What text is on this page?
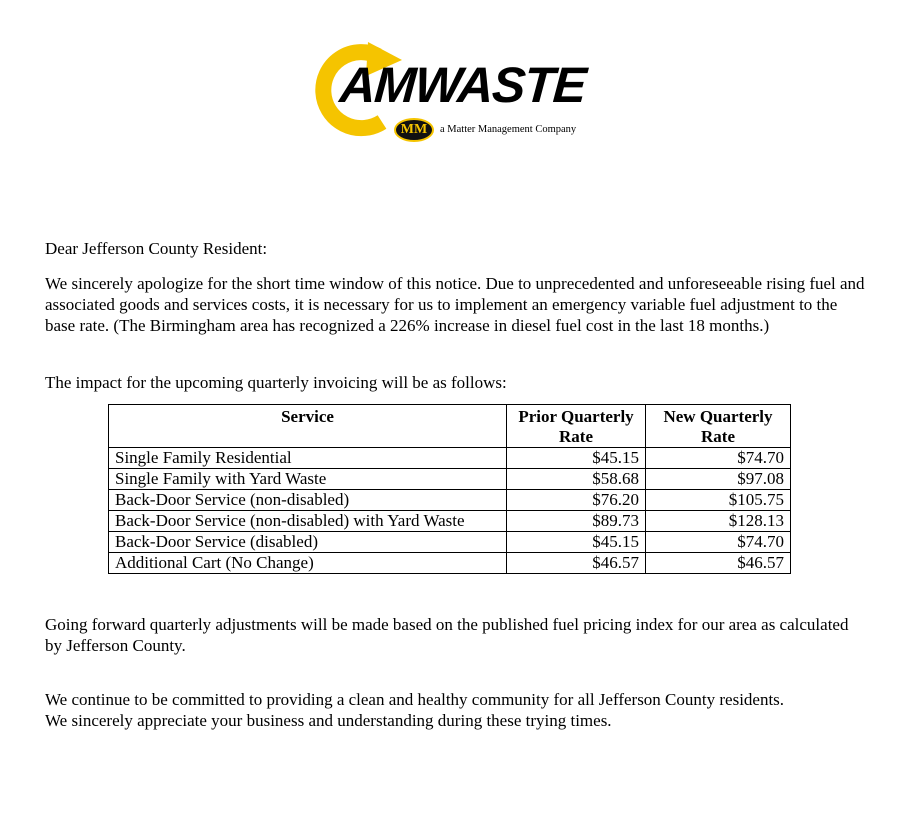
AMWASTE
MM	a Matter Management Company

Dear Jefferson County Resident:

We sincerely apologize for the short time window of this notice. Due to unprecedented and unforeseeable rising fuel and associated goods and services costs, it is necessary for us to implement an emergency variable fuel adjustment to the base rate. (The Birmingham area has recognized a 226% increase in diesel fuel cost in the last 18 months.)

The impact for the upcoming quarterly invoicing will be as follows:

Service	Prior Quarterly Rate	New Quarterly Rate
Single Family Residential	$45.15	$74.70
Single Family with Yard Waste	$58.68	$97.08
Back-Door Service (non-disabled)	$76.20	$105.75
Back-Door Service (non-disabled) with Yard Waste	$89.73	$128.13
Back-Door Service (disabled)	$45.15	$74.70
Additional Cart (No Change)	$46.57	$46.57

Going forward quarterly adjustments will be made based on the published fuel pricing index for our area as calculated by Jefferson County.

We continue to be committed to providing a clean and healthy community for all Jefferson County residents.

We sincerely appreciate your business and understanding during these trying times.
